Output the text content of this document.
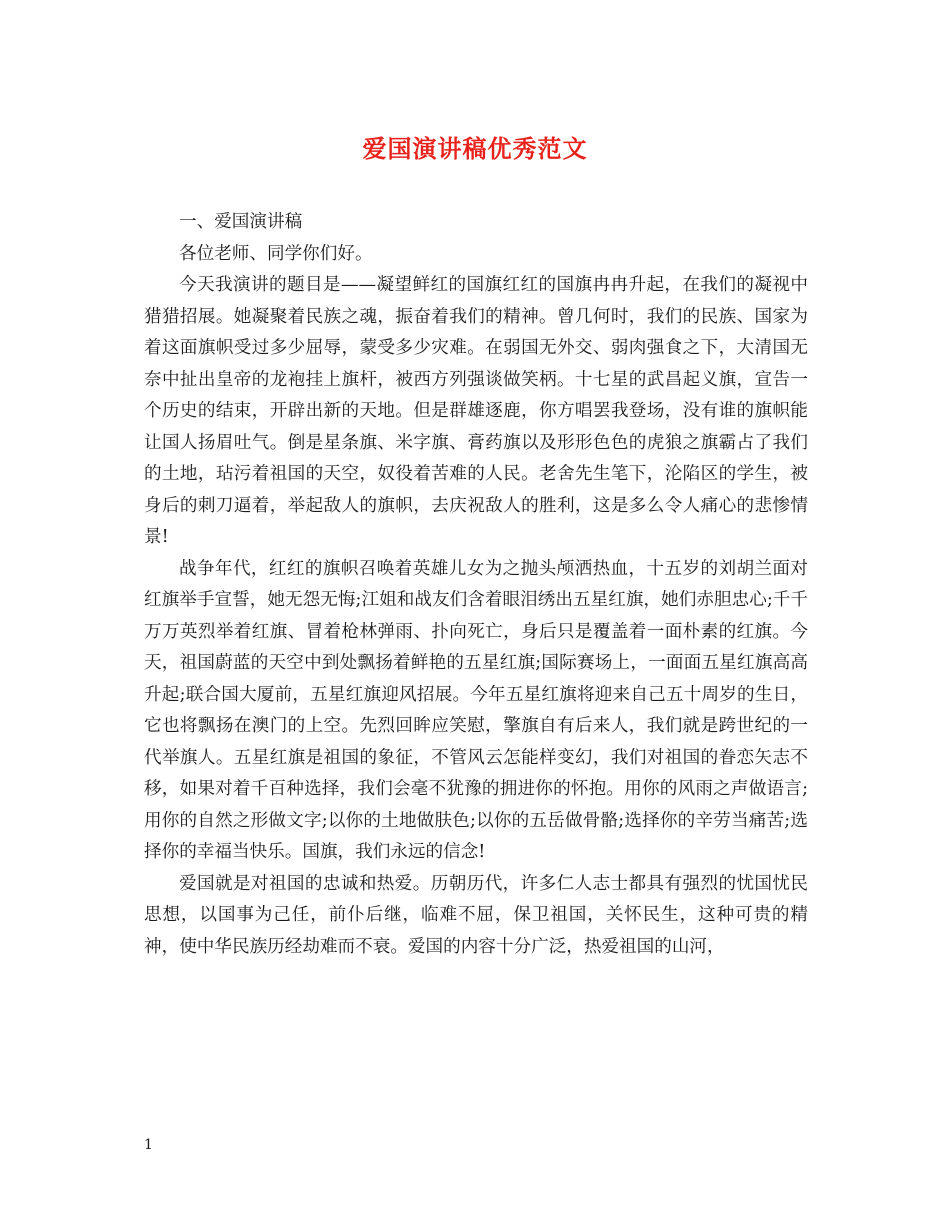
爱国演讲稿优秀范文

一、爱国演讲稿

各位老师、同学你们好。

今天我演讲的题目是——凝望鲜红的国旗红红的国旗冉冉升起，在我们的凝视中猎猎招展。她凝聚着民族之魂，振奋着我们的精神。曾几何时，我们的民族、国家为着这面旗帜受过多少屈辱，蒙受多少灾难。在弱国无外交、弱肉强食之下，大清国无奈中扯出皇帝的龙袍挂上旗杆，被西方列强谈做笑柄。十七星的武昌起义旗，宣告一个历史的结束，开辟出新的天地。但是群雄逐鹿，你方唱罢我登场，没有谁的旗帜能让国人扬眉吐气。倒是星条旗、米字旗、膏药旗以及形形色色的虎狼之旗霸占了我们的土地，玷污着祖国的天空，奴役着苦难的人民。老舍先生笔下，沦陷区的学生，被身后的刺刀逼着，举起敌人的旗帜，去庆祝敌人的胜利，这是多么令人痛心的悲惨情景!

战争年代，红红的旗帜召唤着英雄儿女为之抛头颅洒热血，十五岁的刘胡兰面对红旗举手宣誓，她无怨无悔;江姐和战友们含着眼泪绣出五星红旗，她们赤胆忠心;千千万万英烈举着红旗、冒着枪林弹雨、扑向死亡，身后只是覆盖着一面朴素的红旗。今天，祖国蔚蓝的天空中到处飘扬着鲜艳的五星红旗;国际赛场上，一面面五星红旗高高升起;联合国大厦前，五星红旗迎风招展。今年五星红旗将迎来自己五十周岁的生日，它也将飘扬在澳门的上空。先烈回眸应笑慰，擎旗自有后来人，我们就是跨世纪的一代举旗人。五星红旗是祖国的象征，不管风云怎能样变幻，我们对祖国的眷恋矢志不移，如果对着千百种选择，我们会毫不犹豫的拥进你的怀抱。用你的风雨之声做语言;用你的自然之形做文字;以你的土地做肤色;以你的五岳做骨骼;选择你的辛劳当痛苦;选择你的幸福当快乐。国旗，我们永远的信念!

爱国就是对祖国的忠诚和热爱。历朝历代，许多仁人志士都具有强烈的忧国忧民思想，以国事为己任，前仆后继，临难不屈，保卫祖国，关怀民生，这种可贵的精神，使中华民族历经劫难而不衰。爱国的内容十分广泛，热爱祖国的山河，

1
